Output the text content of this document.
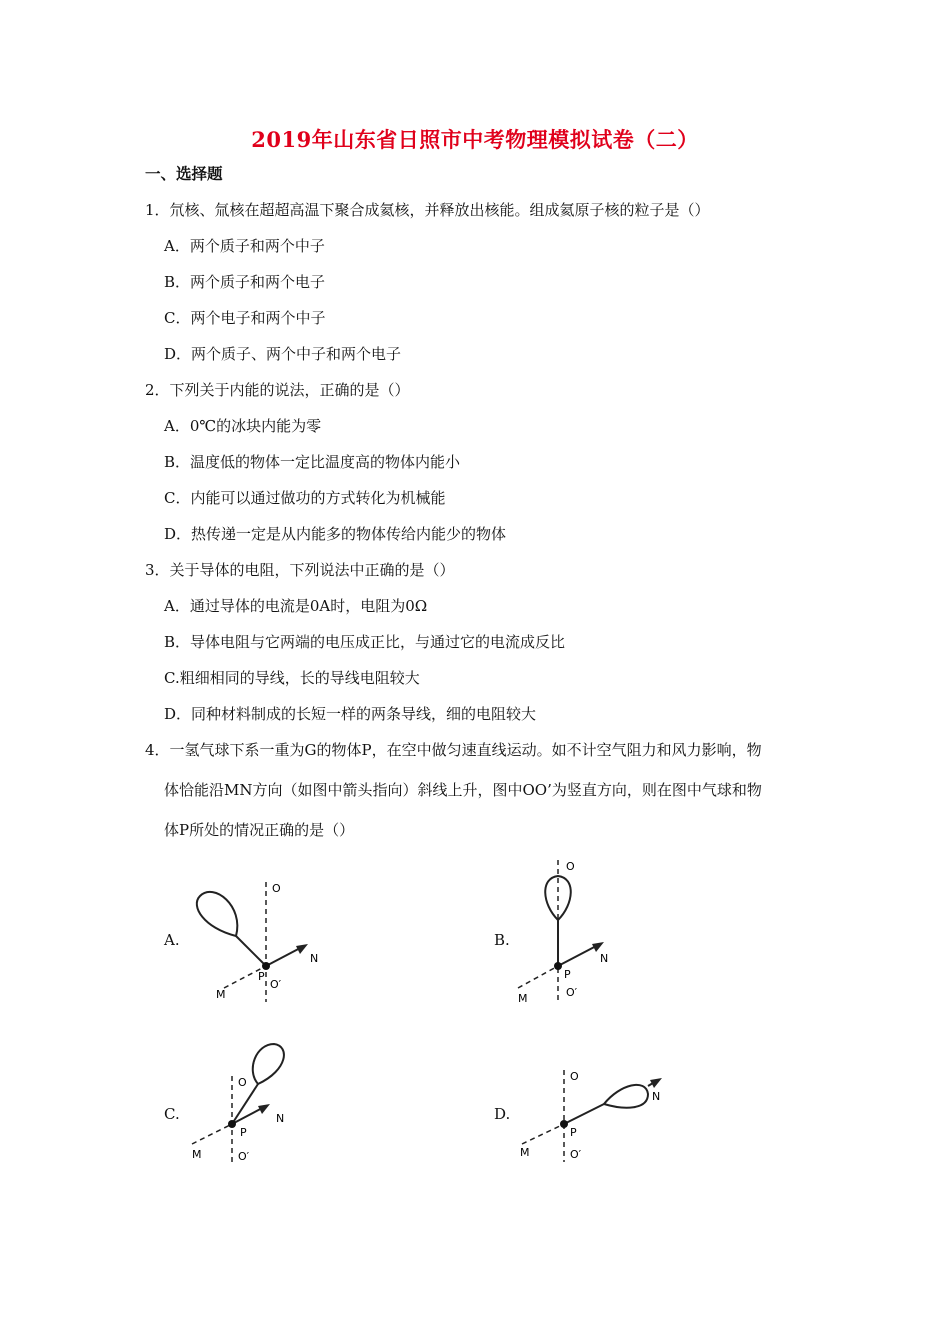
2019年山东省日照市中考物理模拟试卷（二）
一、选择题
1．氘核、氚核在超超高温下聚合成氦核，并释放出核能。组成氦原子核的粒子是（）
A．两个质子和两个中子
B．两个质子和两个电子
C．两个电子和两个中子
D．两个质子、两个中子和两个电子
2．下列关于内能的说法，正确的是（）
A．0℃的冰块内能为零
B．温度低的物体一定比温度高的物体内能小
C．内能可以通过做功的方式转化为机械能
D．热传递一定是从内能多的物体传给内能少的物体
3．关于导体的电阻，下列说法中正确的是（）
A．通过导体的电流是0A时，电阻为0Ω
B．导体电阻与它两端的电压成正比，与通过它的电流成反比
C.粗细相同的导线，长的导线电阻较大
D．同种材料制成的长短一样的两条导线，细的电阻较大
4．一氢气球下系一重为G的物体P，在空中做匀速直线运动。如不计空气阻力和风力影响，物
体恰能沿MN方向（如图中箭头指向）斜线上升，图中OO’为竖直方向，则在图中气球和物
体P所处的情况正确的是（）
A.
O
O′
M
N
P
B.
O
O′
M
N
P
C.
O
O′
M
N
P
D.
O
O′
M
N
P
